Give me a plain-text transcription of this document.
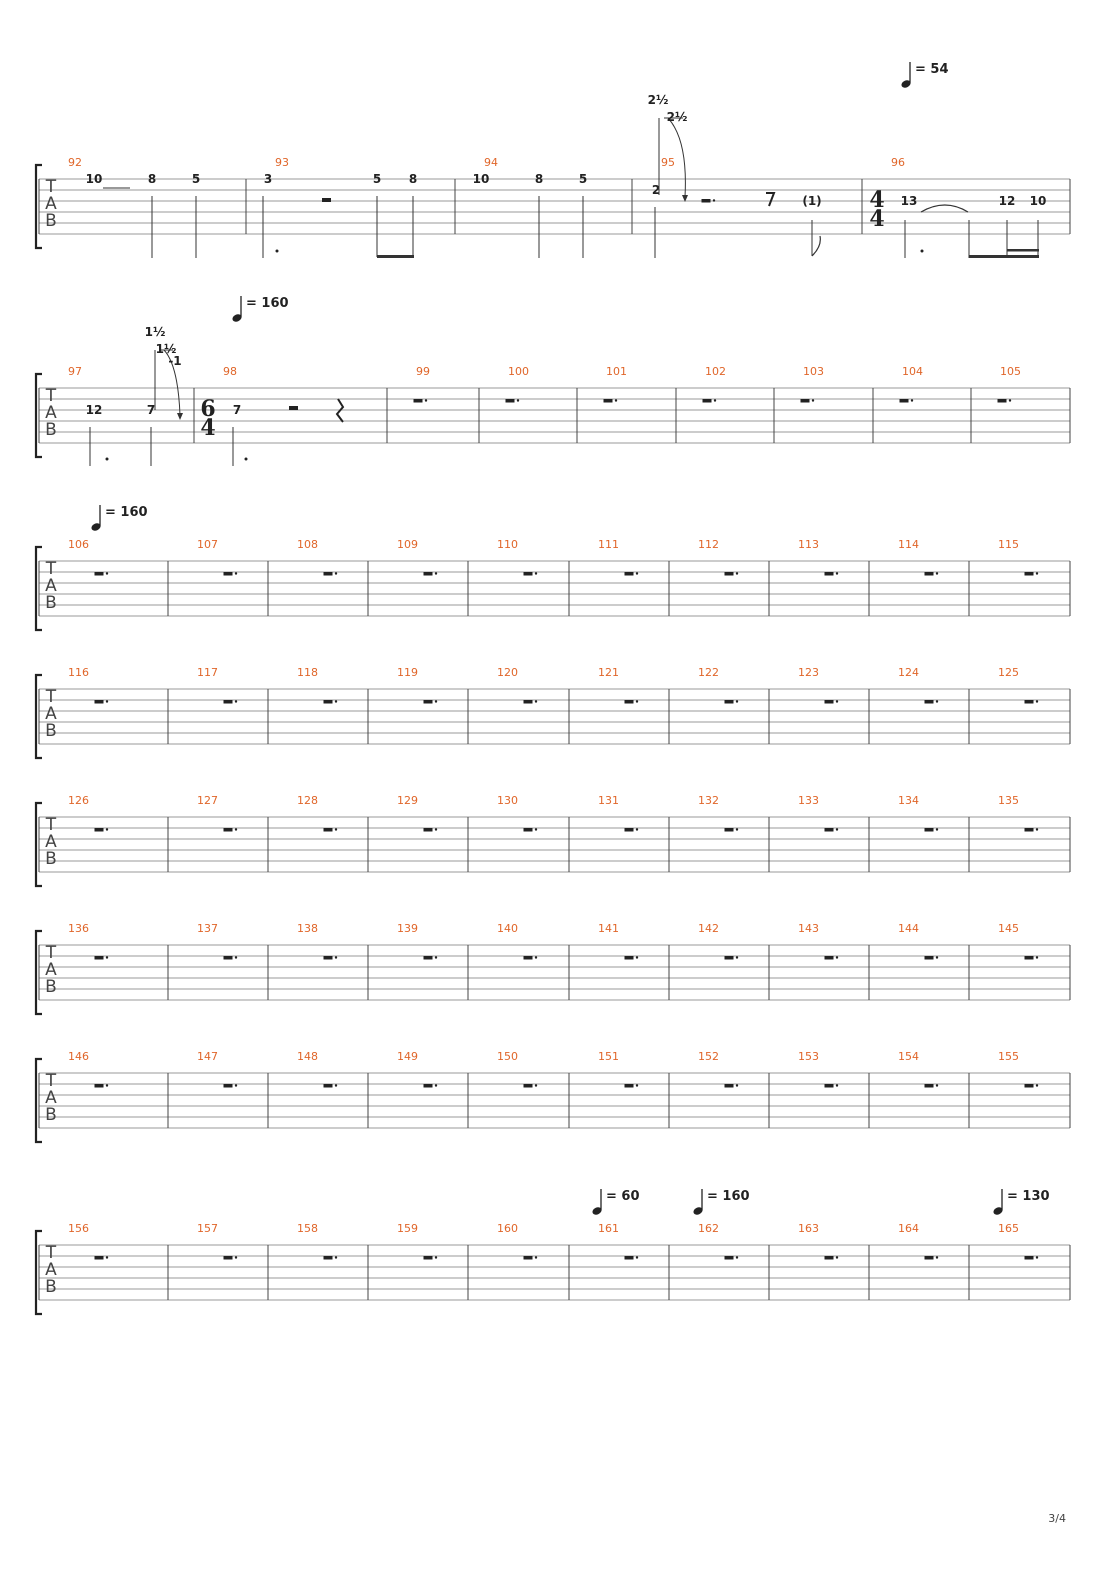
T
A
B
92	93	94	95	96
10	8	5	3	5 8	10	8	5
2
(1)	13	12 10
T
A
B
97	98	99	100	101	102	103	104	105
12	7	7
T
A
B
106	107	108	109	110	111	112	113	114	115
T
A
B
116	117	118	119	120	121	122	123	124	125
T
A
B
126	127	128	129	130	131	132	133	134	135
T
A
B
136	137	138	139	140	141	142	143	144	145
T
A
B
146	147	148	149	150	151	152	153	154	155
T
A
B
156	157	158	159	160	161	162	163	164	165
4
4
6
4
2½
2½
1½
1½
-1
= 54
= 160
= 160
= 60	= 160	= 130
3/4
